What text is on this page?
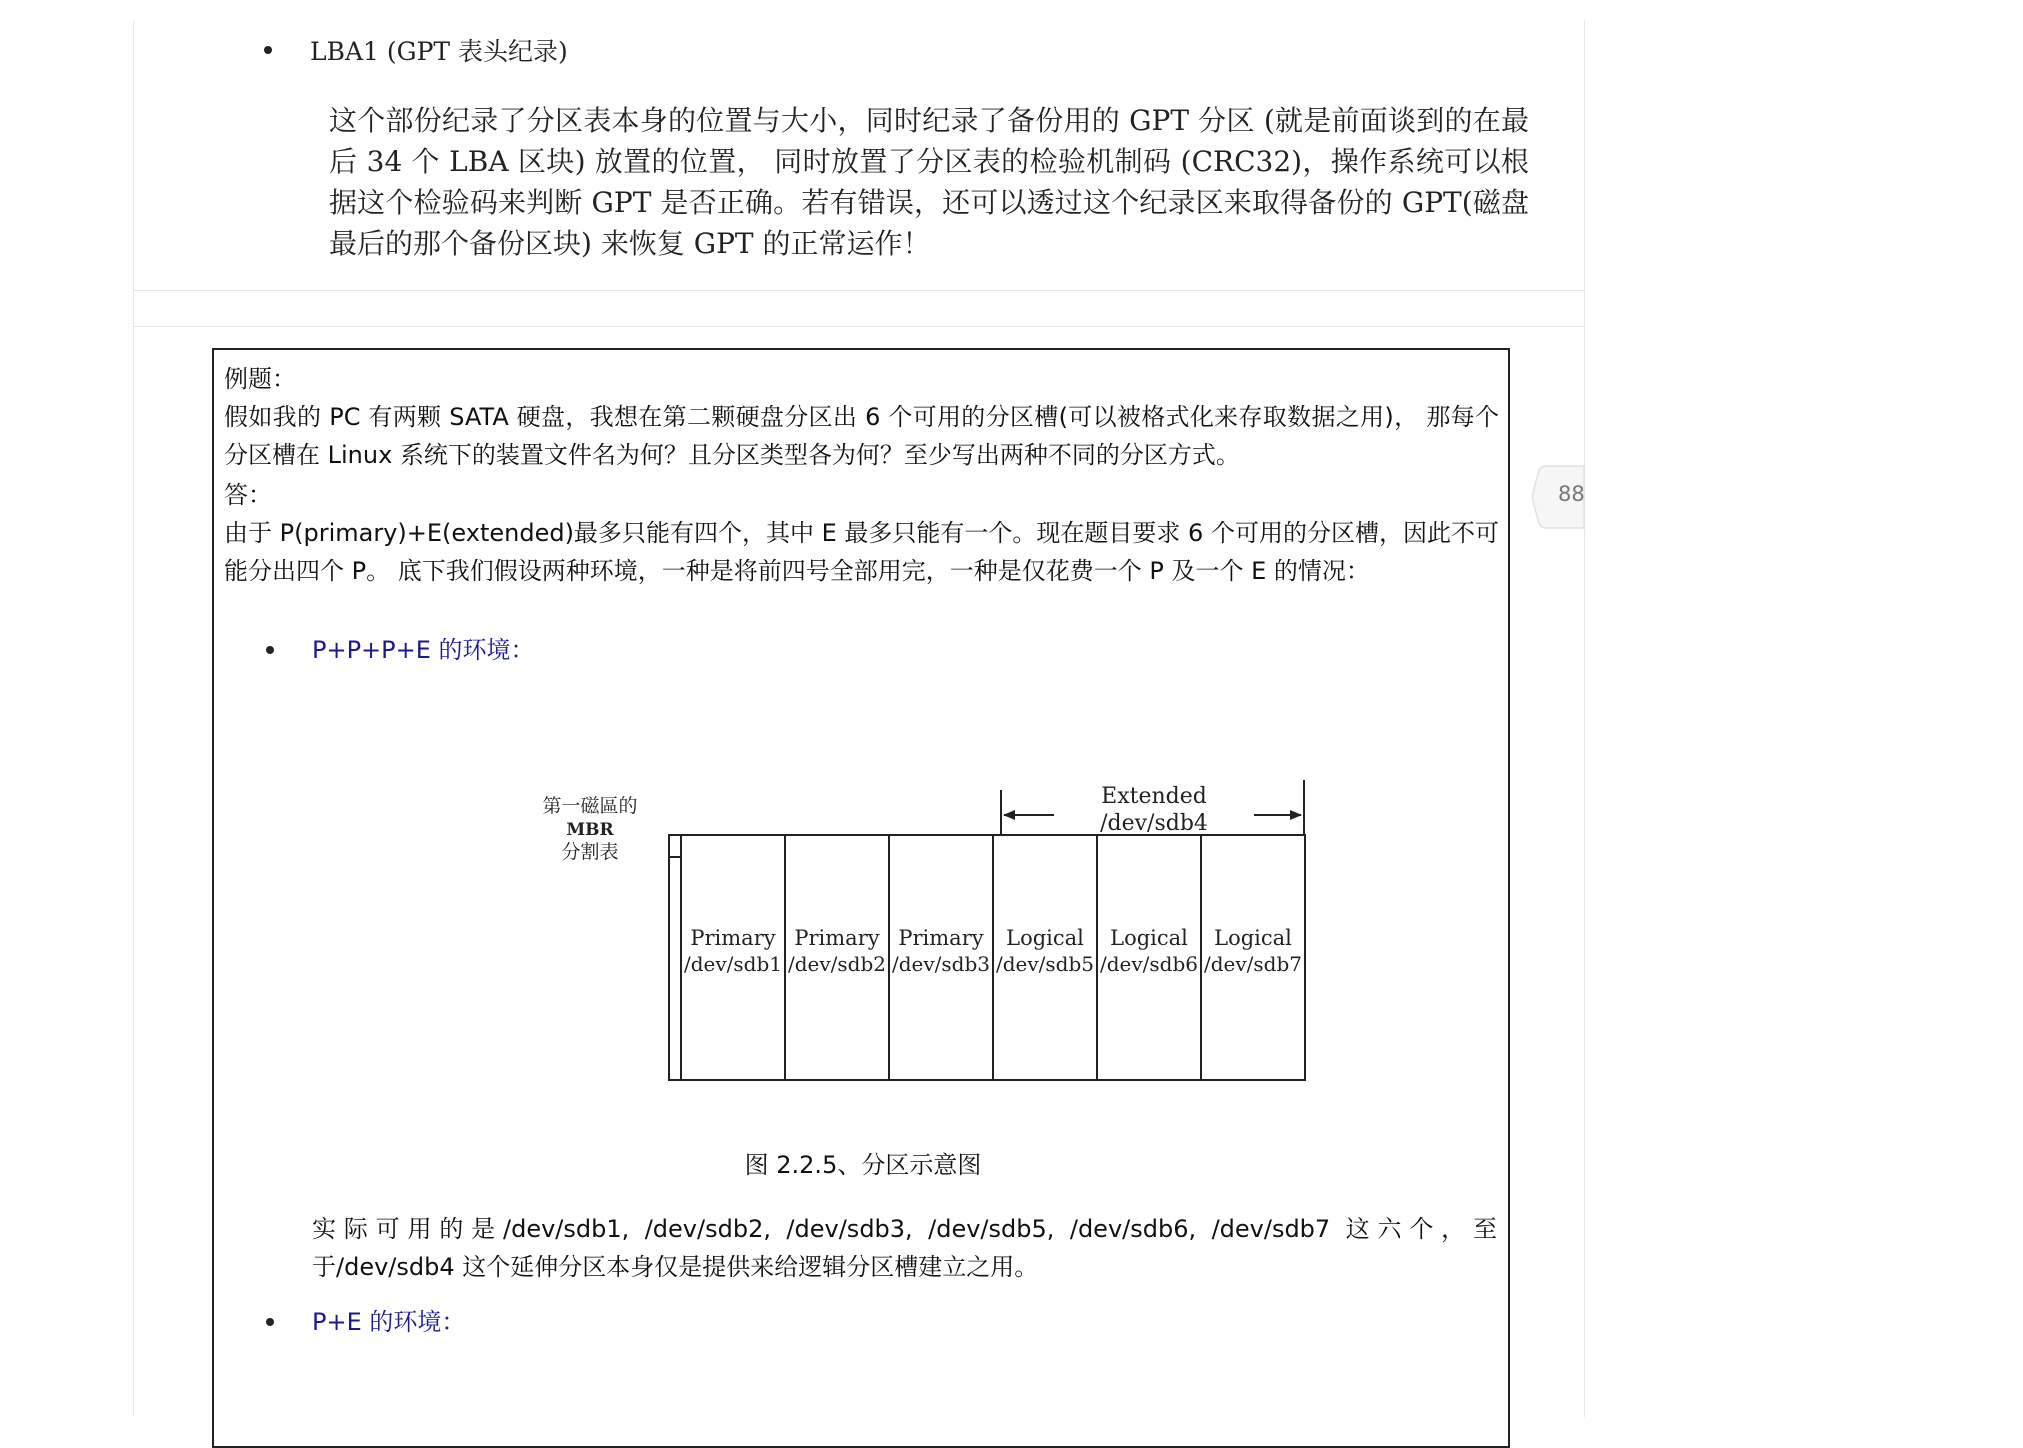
LBA1 (GPT 表头纪录)
这个部份纪录了分区表本身的位置与大小，同时纪录了备份用的 GPT 分区 (就是前面谈到的在最后 34 个 LBA 区块) 放置的位置， 同时放置了分区表的检验机制码 (CRC32)，操作系统可以根据这个检验码来判断 GPT 是否正确。若有错误，还可以透过这个纪录区来取得备份的 GPT(磁盘最后的那个备份区块) 来恢复 GPT 的正常运作！
例题：
假如我的 PC 有两颗 SATA 硬盘，我想在第二颗硬盘分区出 6 个可用的分区槽(可以被格式化来存取数据之用)， 那每个分区槽在 Linux 系统下的装置文件名为何？且分区类型各为何？至少写出两种不同的分区方式。
答：
由于 P(primary)+E(extended)最多只能有四个，其中 E 最多只能有一个。现在题目要求 6 个可用的分区槽，因此不可能分出四个 P。 底下我们假设两种环境，一种是将前四号全部用完，一种是仅花费一个 P 及一个 E 的情况：
P+P+P+E 的环境：
第一磁區的
MBR
分割表
Primary
/dev/sdb1
Primary
/dev/sdb2
Primary
/dev/sdb3
Logical
/dev/sdb5
Logical
/dev/sdb6
Logical
/dev/sdb7
Extended
/dev/sdb4
图 2.2.5、分区示意图
实际可用的是/dev/sdb1, /dev/sdb2, /dev/sdb3, /dev/sdb5, /dev/sdb6, /dev/sdb7 这六个，至于/dev/sdb4 这个延伸分区本身仅是提供来给逻辑分区槽建立之用。
P+E 的环境：
88
